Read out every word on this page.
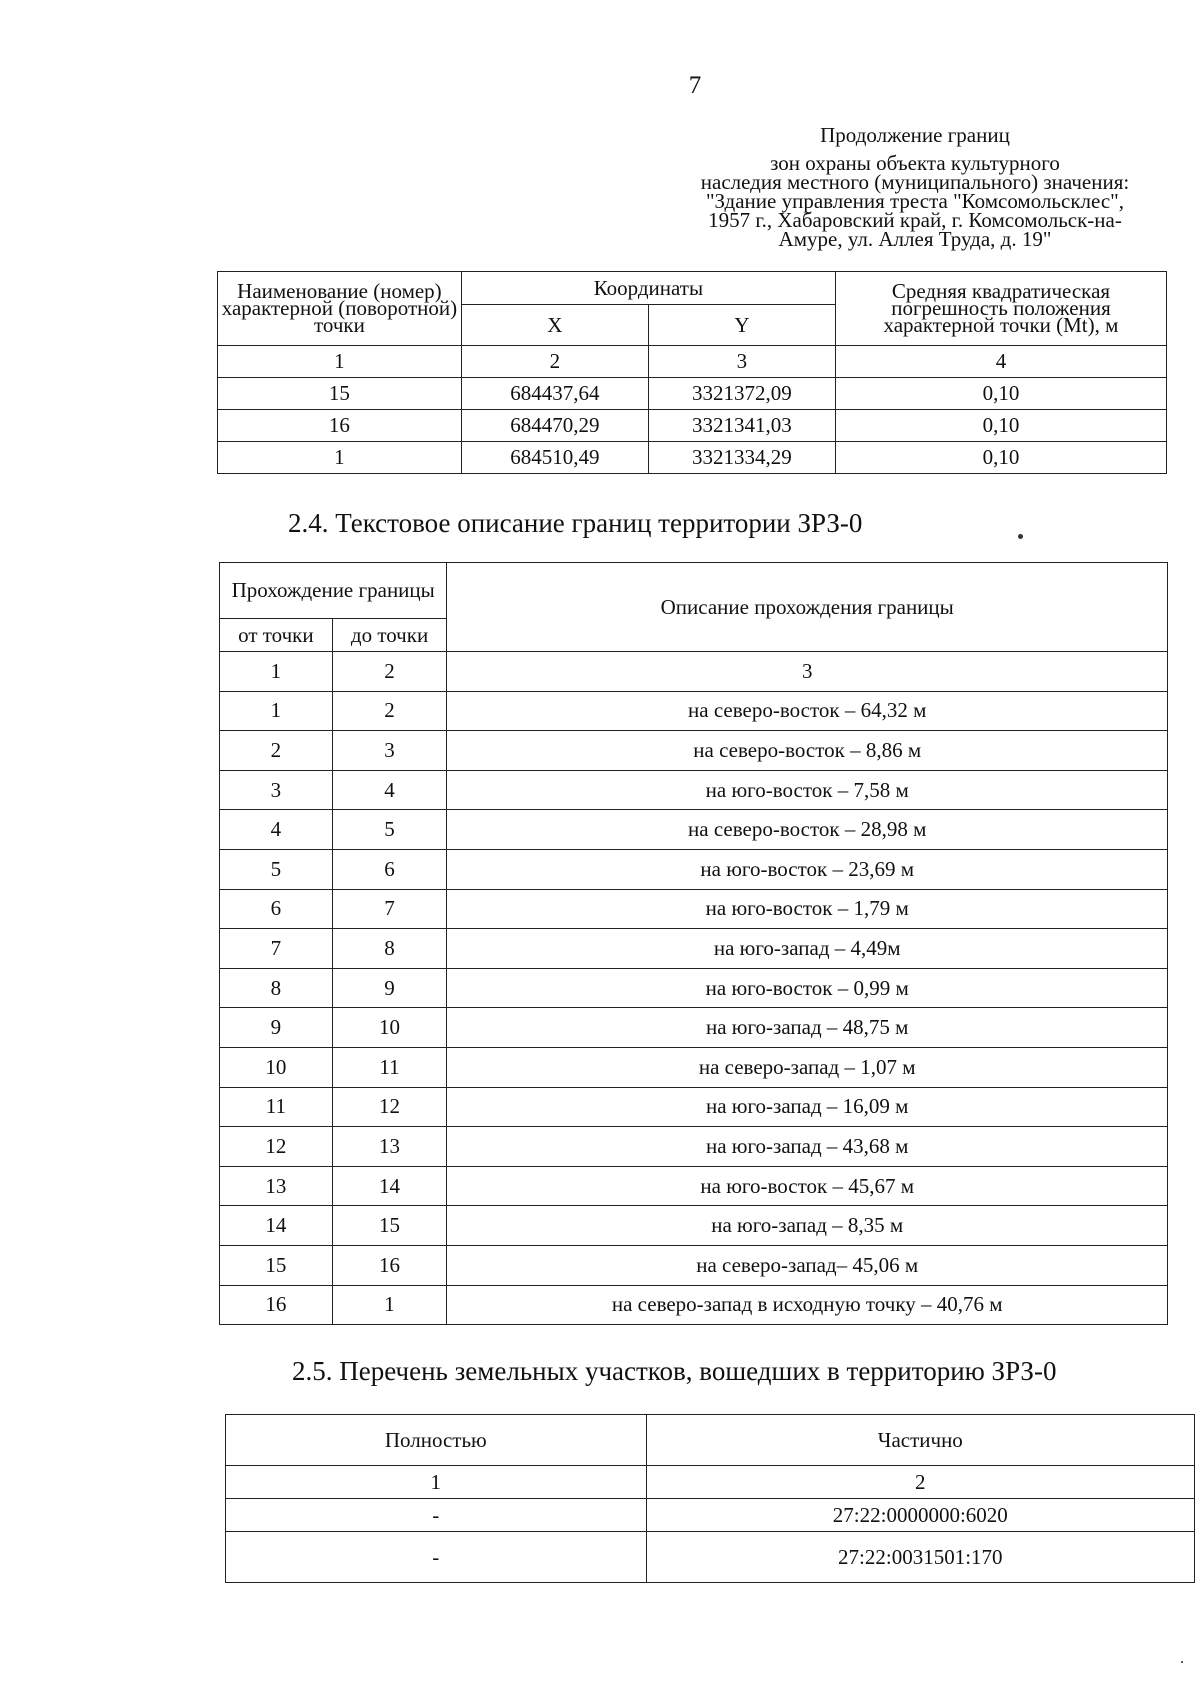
7
Продолжение границ
зон охраны объекта культурного
наследия местного (муниципального) значения:
"Здание управления треста "Комсомольсклес",
1957 г., Хабаровский край, г. Комсомольск-на-
Амуре, ул. Аллея Труда, д. 19"
Наименование (номер) характерной (поворотной) точки	Координаты		Средняя квадратическая погрешность положения характерной точки (Mt), м
	X	Y	
1	2	3	4
15	684437,64	3321372,09	0,10
16	684470,29	3321341,03	0,10
1	684510,49	3321334,29	0,10
2.4. Текстовое описание границ территории ЗРЗ-0
Прохождение границы		Описание прохождения границы
от точки	до точки	
1	2	3
1	2	на северо-восток – 64,32 м
2	3	на северо-восток – 8,86 м
3	4	на юго-восток – 7,58 м
4	5	на северо-восток – 28,98 м
5	6	на юго-восток – 23,69 м
6	7	на юго-восток – 1,79 м
7	8	на юго-запад – 4,49м
8	9	на юго-восток – 0,99 м
9	10	на юго-запад – 48,75 м
10	11	на северо-запад – 1,07 м
11	12	на юго-запад – 16,09 м
12	13	на юго-запад – 43,68 м
13	14	на юго-восток – 45,67 м
14	15	на юго-запад – 8,35 м
15	16	на северо-запад– 45,06 м
16	1	на северо-запад в исходную точку – 40,76 м
2.5. Перечень земельных участков, вошедших в территорию ЗРЗ-0
Полностью	Частично
1	2
-	27:22:0000000:6020
-	27:22:0031501:170
